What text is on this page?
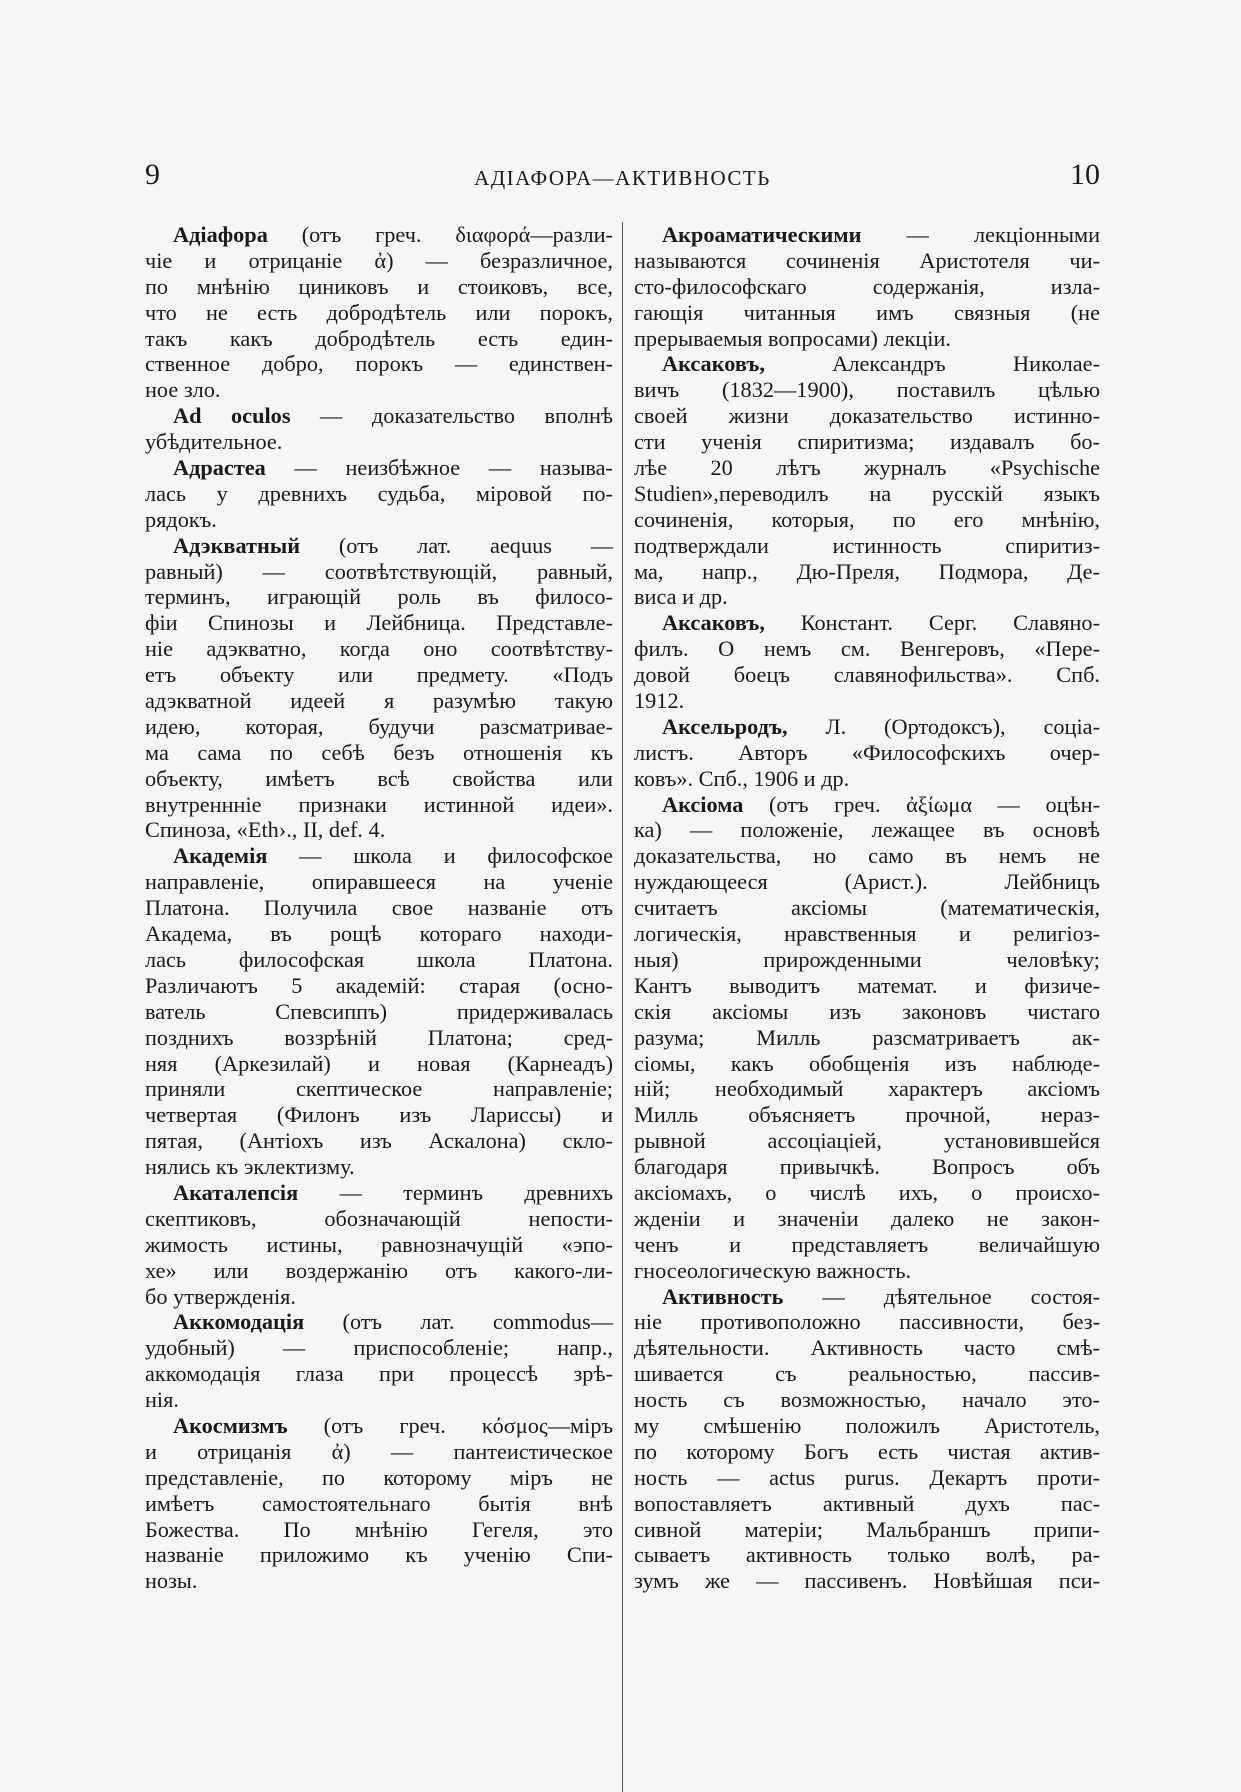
9	АДІАФОРА—АКТИВНОСТЬ	10
Адіафора (отъ греч. διαφορά—разли-
чіе и отрицаніе ἀ) — безразличное,
по мнѣнію циниковъ и стоиковъ, все,
что не есть добродѣтель или порокъ,
такъ какъ добродѣтель есть един-
ственное добро, порокъ — единствен-
ное зло.
Ad oculos — доказательство вполнѣ
убѣдительное.
Адрастеа — неизбѣжное — называ-
лась у древнихъ судьба, міровой по-
рядокъ.
Адэкватный (отъ лат. aequus —
равный) — соотвѣтствующій, равный,
терминъ, играющій роль въ филосо-
фіи Спинозы и Лейбница. Представле-
ніе адэкватно, когда оно соотвѣтству-
етъ объекту или предмету. «Подъ
адэкватной идеей я разумѣю такую
идею, которая, будучи разсматривае-
ма сама по себѣ безъ отношенія къ
объекту, имѣетъ всѣ свойства или
внутреннніе признаки истинной идеи».
Спиноза, «Eth›., II, def. 4.
Академія — школа и философское
направленіе, опиравшееся на ученіе
Платона. Получила свое названіе отъ
Академа, въ рощѣ котораго находи-
лась философская школа Платона.
Различаютъ 5 академій: старая (осно-
ватель Спевсиппъ) придерживалась
позднихъ воззрѣній Платона; сред-
няя (Аркезилай) и новая (Карнеадъ)
приняли скептическое направленіе;
четвертая (Филонъ изъ Лариссы) и
пятая, (Антіохъ изъ Аскалона) скло-
нялись къ эклектизму.
Акаталепсія — терминъ древнихъ
скептиковъ, обозначающій непости-
жимость истины, равнозначущій «эпо-
хе» или воздержанію отъ какого-ли-
бо утвержденія.
Аккомодація (отъ лат. commodus—
удобный) — приспособленіе; напр.,
аккомодація глаза при процессѣ зрѣ-
нія.
Акосмизмъ (отъ греч. κόσμος—міръ
и отрицанія ἀ) — пантеистическое
представленіе, по которому міръ не
имѣетъ самостоятельнаго бытія внѣ
Божества. По мнѣнію Гегеля, это
названіе приложимо къ ученію Спи-
нозы.
Акроаматическими — лекціонными
называются сочиненія Аристотеля чи-
сто-философскаго содержанія, изла-
гающія читанныя имъ связныя (не
прерываемыя вопросами) лекціи.
Аксаковъ, Александръ Николае-
вичъ (1832—1900), поставилъ цѣлью
своей жизни доказательство истинно-
сти ученія спиритизма; издавалъ бо-
лѣе 20 лѣтъ журналъ «Psychische
Studien»,переводилъ на русскій языкъ
сочиненія, которыя, по его мнѣнію,
подтверждали истинность спиритиз-
ма, напр., Дю-Преля, Подмора, Де-
виса и др.
Аксаковъ, Констант. Серг. Славяно-
филъ. О немъ см. Венгеровъ, «Пере-
довой боецъ славянофильства». Спб.
1912.
Аксельродъ, Л. (Ортодоксъ), соціа-
листъ. Авторъ «Философскихъ очер-
ковъ». Спб., 1906 и др.
Аксіома (отъ греч. ἀξίωμα — оцѣн-
ка) — положеніе, лежащее въ основѣ
доказательства, но само въ немъ не
нуждающееся (Арист.). Лейбницъ
считаетъ аксіомы (математическія,
логическія, нравственныя и религіоз-
ныя) прирожденными человѣку;
Кантъ выводитъ математ. и физиче-
скія аксіомы изъ законовъ чистаго
разума; Милль разсматриваетъ ак-
сіомы, какъ обобщенія изъ наблюде-
ній; необходимый характеръ аксіомъ
Милль объясняетъ прочной, нераз-
рывной ассоціаціей, установившейся
благодаря привычкѣ. Вопросъ объ
аксіомахъ, о числѣ ихъ, о происхо-
жденіи и значеніи далеко не закон-
ченъ и представляетъ величайшую
гносеологическую важность.
Активность — дѣятельное состоя-
ніе противоположно пассивности, без-
дѣятельности. Активность часто смѣ-
шивается съ реальностью, пассив-
ность съ возможностью, начало это-
му смѣшенію положилъ Аристотель,
по которому Богъ есть чистая актив-
ность — actus purus. Декартъ проти-
вопоставляетъ активный духъ пас-
сивной матеріи; Мальбраншъ припи-
сываетъ активность только волѣ, ра-
зумъ же — пассивенъ. Новѣйшая пси-
